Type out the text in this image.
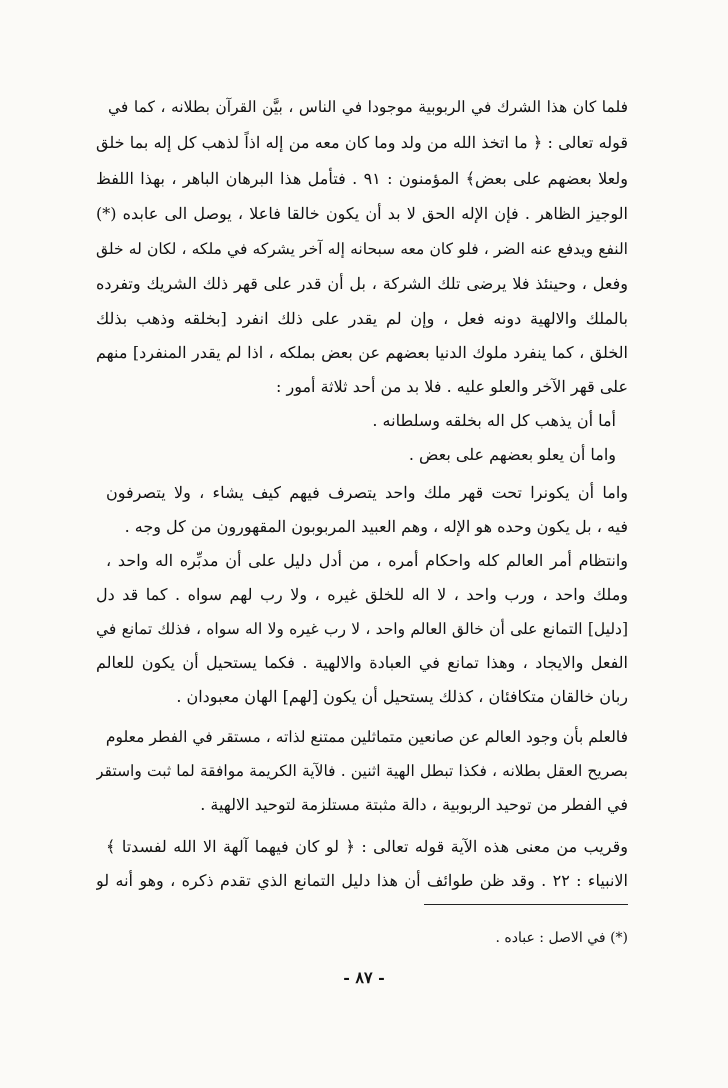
فلما كان هذا الشرك في الربوبية موجودا في الناس ، بيَّن القرآن بطلانه ، كما في
قوله تعالى : ﴿ ما اتخذ الله من ولد وما كان معه من إله اذاً لذهب كل إله بما خلق
ولعلا بعضهم على بعض﴾ المؤمنون : ٩١ . فتأمل هذا البرهان الباهر ، بهذا اللفظ
الوجيز الظاهر . فإن الإله الحق لا بد أن يكون خالقا فاعلا ، يوصل الى عابده (*)
النفع ويدفع عنه الضر ، فلو كان معه سبحانه إله آخر يشركه في ملكه ، لكان له خلق
وفعل ، وحينئذ فلا يرضى تلك الشركة ، بل أن قدر على قهر ذلك الشريك وتفرده
بالملك والالهية دونه فعل ، وإن لم يقدر على ذلك انفرد [بخلقه وذهب بذلك
الخلق ، كما ينفرد ملوك الدنيا بعضهم عن بعض بملكه ، اذا لم يقدر المنفرد] منهم
على قهر الآخر والعلو عليه . فلا بد من أحد ثلاثة أمور :
أما أن يذهب كل اله بخلقه وسلطانه .
واما أن يعلو بعضهم على بعض .
واما أن يكونرا تحت قهر ملك واحد يتصرف فيهم كيف يشاء ، ولا يتصرفون
فيه ، بل يكون وحده هو الإله ، وهم العبيد المربوبون المقهورون من كل وجه .
وانتظام أمر العالم كله واحكام أمره ، من أدل دليل على أن مدبِّره اله واحد ،
وملك واحد ، ورب واحد ، لا اله للخلق غيره ، ولا رب لهم سواه . كما قد دل
[دليل] التمانع على أن خالق العالم واحد ، لا رب غيره ولا اله سواه ، فذلك تمانع في
الفعل والايجاد ، وهذا تمانع في العبادة والالهية . فكما يستحيل أن يكون للعالم
ربان خالقان متكافئان ، كذلك يستحيل أن يكون [لهم] الهان معبودان .
فالعلم بأن وجود العالم عن صانعين متماثلين ممتنع لذاته ، مستقر في الفطر معلوم
بصريح العقل بطلانه ، فكذا تبطل الهية اثنين . فالآية الكريمة موافقة لما ثبت واستقر
في الفطر من توحيد الربوبية ، دالة مثبتة مستلزمة لتوحيد الالهية .
وقريب من معنى هذه الآية قوله تعالى : ﴿ لو كان فيهما آلهة الا الله لفسدتا ﴾
الانبياء : ٢٢ . وقد ظن طوائف أن هذا دليل التمانع الذي تقدم ذكره ، وهو أنه لو
(*) في الاصل : عباده .
- ٨٧ -
